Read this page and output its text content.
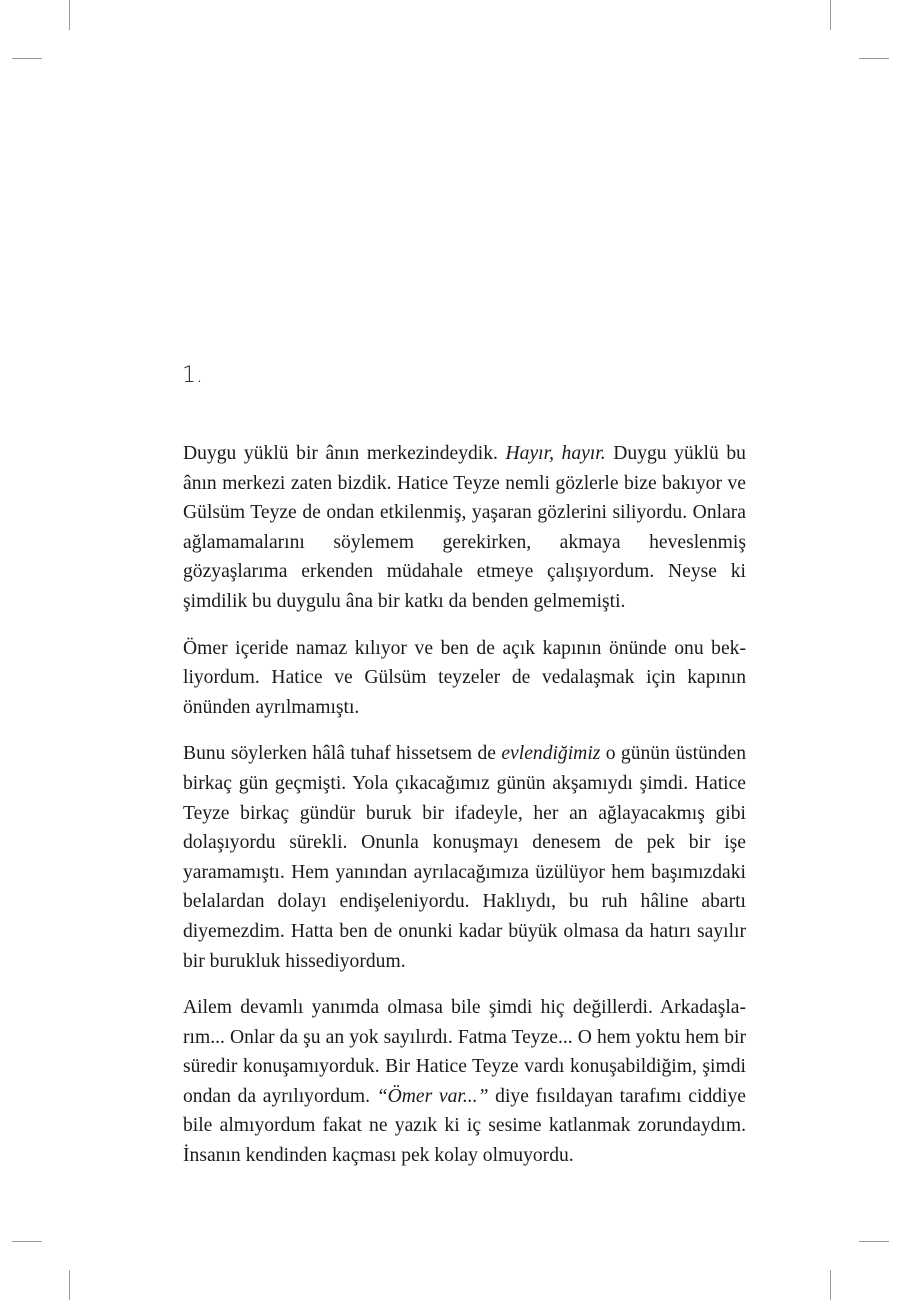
1.

Duygu yüklü bir ânın merkezindeydik. Hayır, hayır. Duygu yüklü bu ânın merkezi zaten bizdik. Hatice Teyze nemli gözlerle bize bakıyor ve Gülsüm Teyze de ondan etkilenmiş, yaşaran gözlerini siliyordu. Onlara ağlamamalarını söylemem gerekirken, akmaya heveslenmiş gözyaşlarıma erkenden müdahale etmeye çalışıyordum. Neyse ki şimdilik bu duygulu âna bir katkı da benden gelmemişti.

Ömer içeride namaz kılıyor ve ben de açık kapının önünde onu bekliyordum. Hatice ve Gülsüm teyzeler de vedalaşmak için kapının önünden ayrılmamıştı.

Bunu söylerken hâlâ tuhaf hissetsem de evlendiğimiz o günün üstünden birkaç gün geçmişti. Yola çıkacağımız günün akşamıydı şimdi. Hatice Teyze birkaç gündür buruk bir ifadeyle, her an ağlayacakmış gibi dolaşıyordu sürekli. Onunla konuşmayı denesem de pek bir işe yaramamıştı. Hem yanından ayrılacağımıza üzülüyor hem başımızdaki belalardan dolayı endişeleniyordu. Haklıydı, bu ruh hâline abartı diyemezdim. Hatta ben de onunki kadar büyük olmasa da hatırı sayılır bir burukluk hissediyordum.

Ailem devamlı yanımda olmasa bile şimdi hiç değillerdi. Arkadaşlarım... Onlar da şu an yok sayılırdı. Fatma Teyze... O hem yoktu hem bir süredir konuşamıyorduk. Bir Hatice Teyze vardı konuşabildiğim, şimdi ondan da ayrılıyordum. “Ömer var...” diye fısıldayan tarafımı ciddiye bile almıyordum fakat ne yazık ki iç sesime katlanmak zorundaydım. İnsanın kendinden kaçması pek kolay olmuyordu.
